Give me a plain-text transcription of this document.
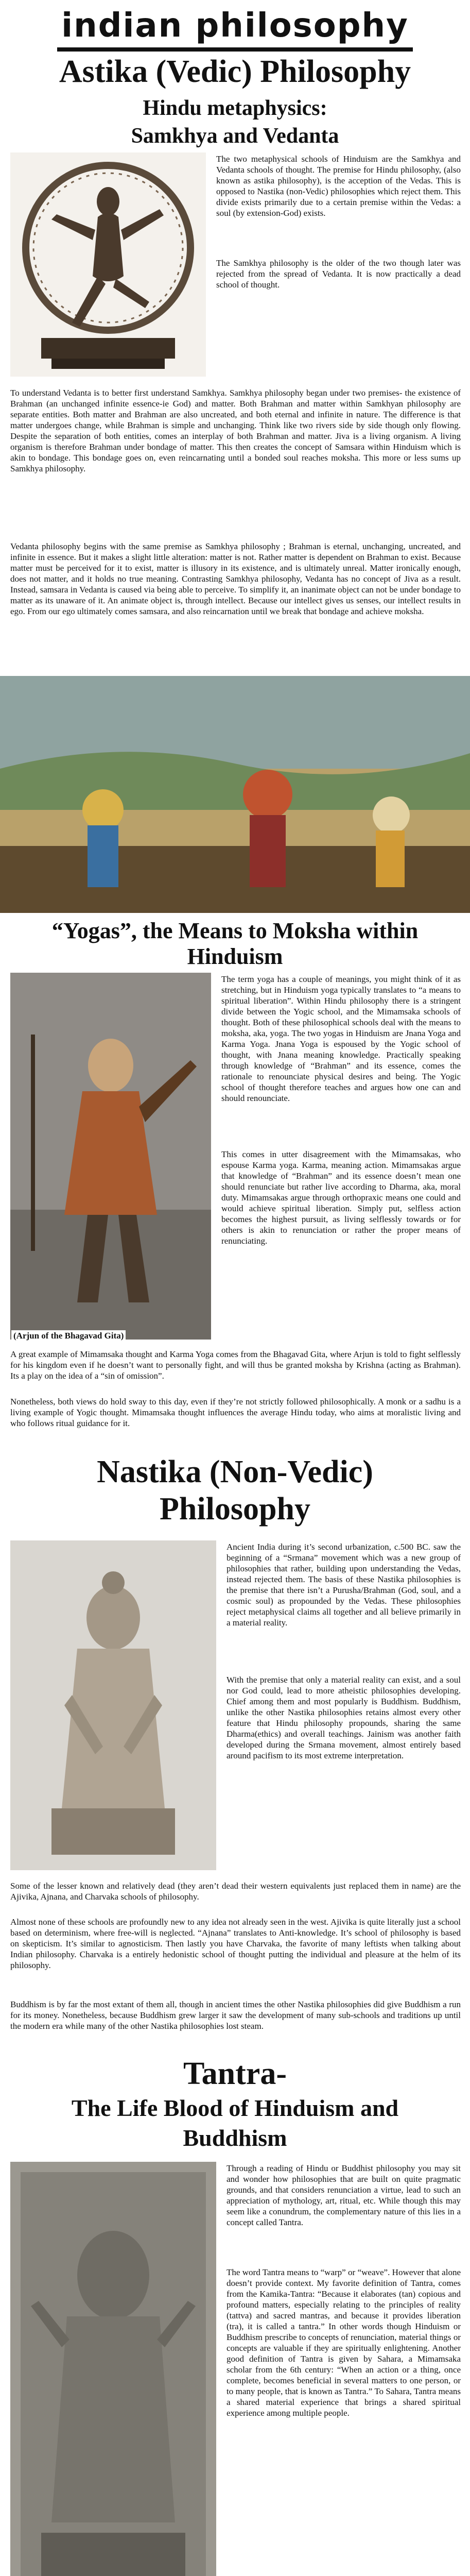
indian philosophy
Astika (Vedic) Philosophy
Hindu metaphysics:
Samkhya and Vedanta

The two metaphysical schools of Hinduism are the Samkhya and Vedanta schools of thought. The premise for Hindu philosophy, (also known as astika philosophy), is the acception of the Vedas. This is opposed to Nastika (non-Vedic) philosophies which reject them. This divide exists primarily due to a certain premise within the Vedas: a soul (by extension-God) exists.

The Samkhya philosophy is the older of the two though later was rejected from the spread of Vedanta. It is now practically a dead school of thought.

To understand Vedanta is to better first understand Samkhya. Samkhya philosophy began under two premises- the existence of Brahman (an unchanged infinite essence-ie God) and matter. Both Brahman and matter within Samkhyan philosophy are separate entities. Both matter and Brahman are also uncreated, and both eternal and infinite in nature. The difference is that matter undergoes change, while Brahman is simple and unchanging. Think like two rivers side by side though only flowing. Despite the separation of both entities, comes an interplay of both Brahman and matter. Jiva is a living organism. A living organism is therefore Brahman under bondage of matter. This then creates the concept of Samsara within Hinduism which is akin to bondage. This bondage goes on, even reincarnating until a bonded soul reaches moksha. This more or less sums up Samkhya philosophy.

Vedanta philosophy begins with the same premise as Samkhya philosophy ; Brahman is eternal, unchanging, uncreated, and infinite in essence. But it makes a slight little alteration: matter is not. Rather matter is dependent on Brahman to exist. Because matter must be perceived for it to exist, matter is illusory in its existence, and is ultimately unreal. Matter ironically enough, does not matter, and it holds no true meaning. Contrasting Samkhya philosophy, Vedanta has no concept of Jiva as a result. Instead, samsara in Vedanta is caused via being able to perceive. To simplify it, an inanimate object can not be under bondage to matter as its unaware of it. An animate object is, through intellect. Because our intellect gives us senses, our intellect results in ego. From our ego ultimately comes samsara, and also reincarnation until we break that bondage and achieve moksha.

“Yogas”, the Means to Moksha within
Hinduism
(Arjun of the Bhagavad Gita)

The term yoga has a couple of meanings, you might think of it as stretching, but in Hinduism yoga typically translates to “a means to spiritual liberation”. Within Hindu philosophy there is a stringent divide between the Yogic school, and the Mimamsaka schools of thought. Both of these philosophical schools deal with the means to moksha, aka, yoga. The two yogas in Hinduism are Jnana Yoga and Karma Yoga. Jnana Yoga is espoused by the Yogic school of thought, with Jnana meaning knowledge. Practically speaking through knowledge of “Brahman” and its essence, comes the rationale to renounciate physical desires and being. The Yogic school of thought therefore teaches and argues how one can and should renounciate.

This comes in utter disagreement with the Mimamsakas, who espouse Karma yoga. Karma, meaning action. Mimamsakas argue that knowledge of “Brahman” and its essence doesn’t mean one should renunciate but rather live according to Dharma, aka, moral duty. Mimamsakas argue through orthopraxic means one could and would achieve spiritual liberation. Simply put, selfless action becomes the highest pursuit, as living selflessly towards or for others is akin to renunciation or rather the proper means of renunciating.

A great example of Mimamsaka thought and Karma Yoga comes from the Bhagavad Gita, where Arjun is told to fight selflessly for his kingdom even if he doesn’t want to personally fight, and will thus be granted moksha by Krishna (acting as Brahman). Its a play on the idea of a “sin of omission”.

Nonetheless, both views do hold sway to this day, even if they’re not strictly followed philosophically. A monk or a sadhu is a living example of Yogic thought. Mimamsaka thought influences the average Hindu today, who aims at moralistic living and who follows ritual guidance for it.

Nastika (Non-Vedic)
Philosophy

Ancient India during it’s second urbanization, c.500 BC. saw the beginning of a “Srmana” movement which was a new group of philosophies that rather, building upon understanding the Vedas, instead rejected them. The basis of these Nastika philosophies is the premise that there isn’t a Purusha/Brahman (God, soul, and a cosmic soul) as propounded by the Vedas. These philosophies reject metaphysical claims all together and all believe primarily in a material reality.

With the premise that only a material reality can exist, and a soul nor God could, lead to more atheistic philosophies developing. Chief among them and most popularly is Buddhism. Buddhism, unlike the other Nastika philosophies retains almost every other feature that Hindu philosophy propounds, sharing the same Dharma(ethics) and overall teachings. Jainism was another faith developed during the Srmana movement, almost entirely based around pacifism to its most extreme interpretation.

Some of the lesser known and relatively dead (they aren’t dead their western equivalents just replaced them in name) are the Ajivika, Ajnana, and Charvaka schools of philosophy.

Almost none of these schools are profoundly new to any idea not already seen in the west. Ajivika is quite literally just a school based on determinism, where free-will is neglected. “Ajnana” translates to Anti-knowledge. It’s school of philosophy is based on skepticism. It’s similar to agnosticism. Then lastly you have Charvaka, the favorite of many leftists when talking about Indian philosophy. Charvaka is a entirely hedonistic school of thought putting the individual and pleasure at the helm of its philosophy.

Buddhism is by far the most extant of them all, though in ancient times the other Nastika philosophies did give Buddhism a run for its money. Nonetheless, because Buddhism grew larger it saw the development of many sub-schools and traditions up until the modern era while many of the other Nastika philosophies lost steam.

Tantra-
The Life Blood of Hinduism and
Buddhism

Through a reading of Hindu or Buddhist philosophy you may sit and wonder how philosophies that are built on quite pragmatic grounds, and that considers renunciation a virtue, lead to such an appreciation of mythology, art, ritual, etc. While though this may seem like a conundrum, the complementary nature of this lies in a concept called Tantra.

The word Tantra means to “warp” or “weave”. However that alone doesn’t provide context. My favorite definition of Tantra, comes from the Kamika-Tantra: “Because it elaborates (tan) copious and profound matters, especially relating to the principles of reality (tattva) and sacred mantras, and because it provides liberation (tra), it is called a tantra.” In other words though Hinduism or Buddhism prescribe to concepts of renunciation, material things or concepts are valuable if they are spiritually enlightening. Another good definition of Tantra is given by Sahara, a Mimamsaka scholar from the 6th century: “When an action or a thing, once complete, becomes beneficial in several matters to one person, or to many people, that is known as Tantra.” To Sahara, Tantra means a shared material experience that brings a shared spiritual experience among multiple people.
